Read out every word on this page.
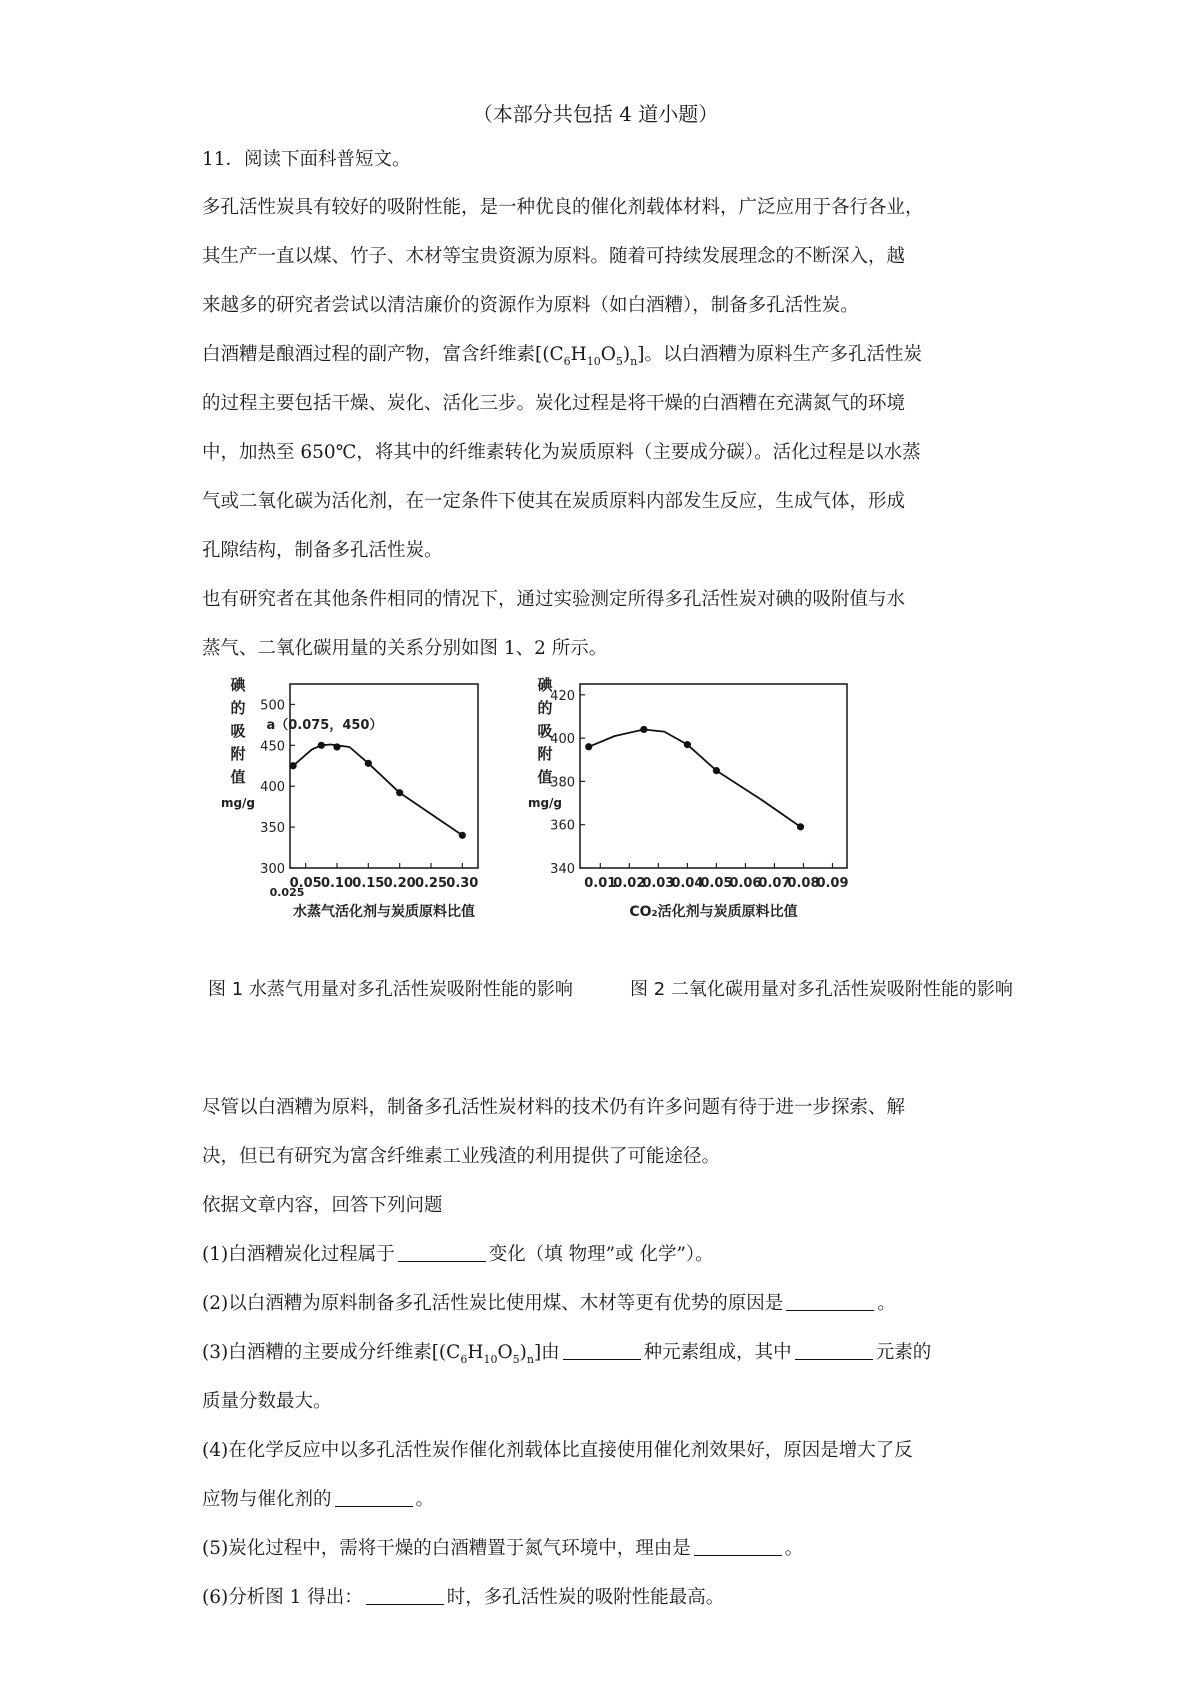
（本部分共包括 4 道小题）
11．阅读下面科普短文。
多孔活性炭具有较好的吸附性能，是一种优良的催化剂载体材料，广泛应用于各行各业，
其生产一直以煤、竹子、木材等宝贵资源为原料。随着可持续发展理念的不断深入，越
来越多的研究者尝试以清洁廉价的资源作为原料（如白酒糟），制备多孔活性炭。
白酒糟是酿酒过程的副产物，富含纤维素$[(C_6H_{10}O_5)_n]$。以白酒糟为原料生产多孔活性炭
的过程主要包括干燥、炭化、活化三步。炭化过程是将干燥的白酒糟在充满氮气的环境
中，加热至 650℃，将其中的纤维素转化为炭质原料（主要成分碳）。活化过程是以水蒸
气或二氧化碳为活化剂，在一定条件下使其在炭质原料内部发生反应，生成气体，形成
孔隙结构，制备多孔活性炭。
也有研究者在其他条件相同的情况下，通过实验测定所得多孔活性炭对碘的吸附值与水
蒸气、二氧化碳用量的关系分别如图 1、2 所示。
碘
的
吸
附
值
mg/g
300
350
400
450
500
0.05 0.10 0.15 0.20 0.25 0.30
0.025
水蒸气活化剂与炭质原料比值
a（0.075，450）
碘
的
吸
附
值
mg/g
340
360
380
400
420
0.01
0.02
0.03
0.04
0.05
0.06
0.07
0.08
0.09
CO₂活化剂与炭质原料比值
图 1 水蒸气用量对多孔活性炭吸附性能的影响	图 2 二氧化碳用量对多孔活性炭吸附性能的影响
尽管以白酒糟为原料，制备多孔活性炭材料的技术仍有许多问题有待于进一步探索、解
决，但已有研究为富含纤维素工业残渣的利用提供了可能途径。
依据文章内容，回答下列问题
(1)白酒糟炭化过程属于	变化（填 物理”或 化学”）。
(2)以白酒糟为原料制备多孔活性炭比使用煤、木材等更有优势的原因是	。
(3)白酒糟的主要成分纤维素$[(C_6H_{10}O_5)_n]$由	种元素组成，其中	元素的
质量分数最大。
(4)在化学反应中以多孔活性炭作催化剂载体比直接使用催化剂效果好，原因是增大了反
应物与催化剂的	。
(5)炭化过程中，需将干燥的白酒糟置于氮气环境中，理由是	。
(6)分析图 1 得出：	时，多孔活性炭的吸附性能最高。
